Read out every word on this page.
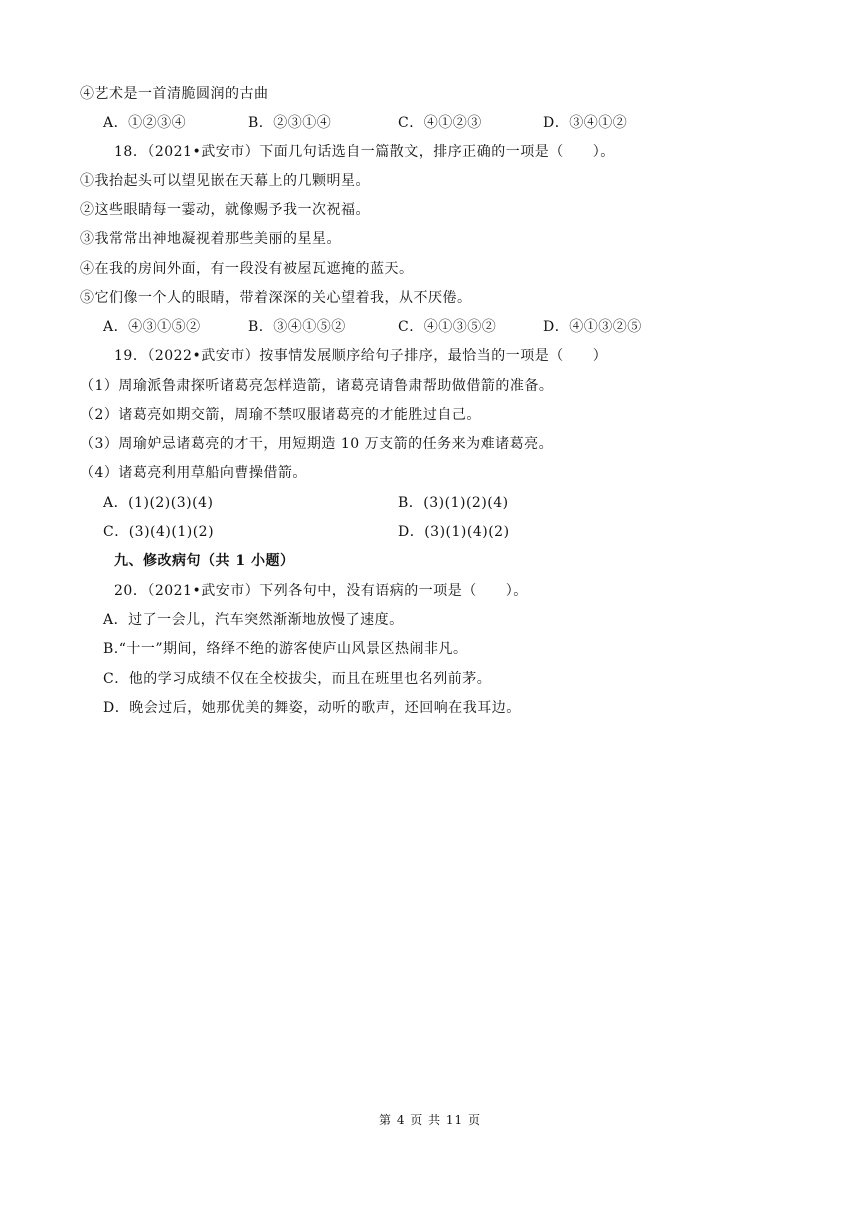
④艺术是一首清脆圆润的古曲
A．①②③④	B．②③①④	C．④①②③	D．③④①②
18．（2021•武安市）下面几句话选自一篇散文，排序正确的一项是（　　）。
①我抬起头可以望见嵌在天幕上的几颗明星。
②这些眼睛每一霎动，就像赐予我一次祝福。
③我常常出神地凝视着那些美丽的星星。
④在我的房间外面，有一段没有被屋瓦遮掩的蓝天。
⑤它们像一个人的眼睛，带着深深的关心望着我，从不厌倦。
A．④③①⑤②	B．③④①⑤②	C．④①③⑤②	D．④①③②⑤
19．（2022•武安市）按事情发展顺序给句子排序，最恰当的一项是（　　）
（1）周瑜派鲁肃探听诸葛亮怎样造箭，诸葛亮请鲁肃帮助做借箭的准备。
（2）诸葛亮如期交箭，周瑜不禁叹服诸葛亮的才能胜过自己。
（3）周瑜妒忌诸葛亮的才干，用短期造 10 万支箭的任务来为难诸葛亮。
（4）诸葛亮利用草船向曹操借箭。
A．(1)(2)(3)(4)	B．(3)(1)(2)(4)
C．(3)(4)(1)(2)	D．(3)(1)(4)(2)
九、修改病句（共 1 小题）
20．（2021•武安市）下列各句中，没有语病的一项是（　　）。
A．过了一会儿，汽车突然渐渐地放慢了速度。
B.“十一”期间，络绎不绝的游客使庐山风景区热闹非凡。
C．他的学习成绩不仅在全校拔尖，而且在班里也名列前茅。
D．晚会过后，她那优美的舞姿，动听的歌声，还回响在我耳边。
第 4 页 共 11 页
